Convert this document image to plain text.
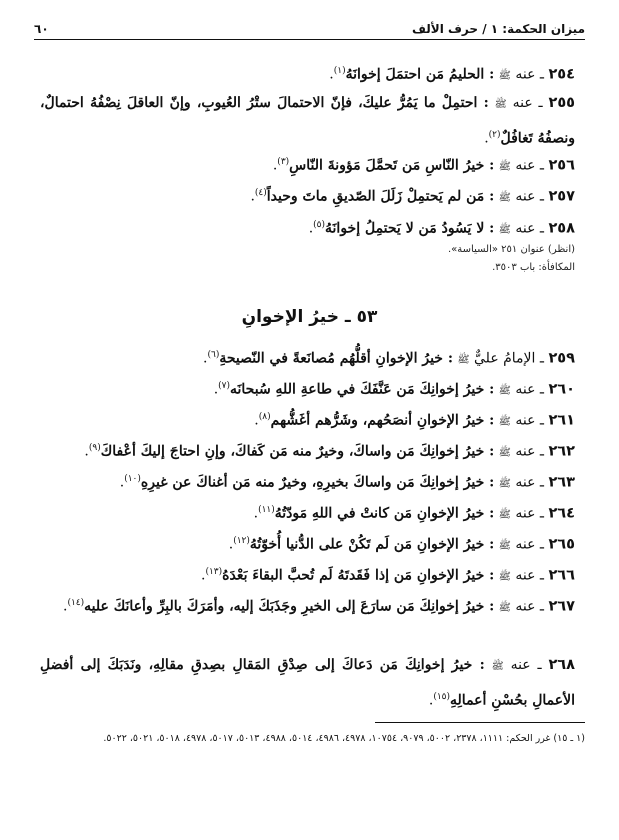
ميزان الحكمة: ١ / حرف الألف
٦٠
٢٥٤ ـ عنه ﷺ : الحليمُ مَن احتمَلَ إخوانَهُ$^{(١)}$.
٢٥٥ ـ عنه ﷺ : احتمِلْ ما يَمُرُّ عليكَ، فإنّ الاحتمالَ ستْرُ العُيوبِ، وإنّ العاقلَ نِصْفُهُ احتمالٌ، ونصفُهُ تَغافُلٌ$^{(٢)}$.
٢٥٦ ـ عنه ﷺ : خيرُ النّاسِ مَن تَحمَّلَ مَؤونةَ النّاسِ$^{(٣)}$.
٢٥٧ ـ عنه ﷺ : مَن لم يَحتمِلْ زَلَلَ الصّديقِ ماتَ وحيداً$^{(٤)}$.
٢٥٨ ـ عنه ﷺ : لا يَسُودُ مَن لا يَحتمِلُ إخوانَهُ$^{(٥)}$.
(انظر) عنوان ٢٥١ «السياسة».
المكافأة: باب ٣٥٠٣.
٥٣ ـ خيرُ الإخوانِ
٢٥٩ ـ الإمامُ عليٌّ ﷺ : خيرُ الإخوانِ أقلُّهُم مُصانَعةً في النّصيحةِ$^{(٦)}$.
٢٦٠ ـ عنه ﷺ : خيرُ إخوانِكَ مَن عَنَّفَكَ في طاعةِ اللهِ سُبحانَه$^{(٧)}$.
٢٦١ ـ عنه ﷺ : خيرُ الإخوانِ أنصَحُهم، وشَرُّهم أغَشُّهم$^{(٨)}$.
٢٦٢ ـ عنه ﷺ : خيرُ إخوانِكَ مَن واساكَ، وخيرٌ منه مَن كَفاكَ، وإنِ احتاجَ إليكَ أعْفاكَ$^{(٩)}$.
٢٦٣ ـ عنه ﷺ : خيرُ إخوانِكَ مَن واساكَ بخيرِهِ، وخيرٌ منه مَن أغناكَ عن غيرِهِ$^{(١٠)}$.
٢٦٤ ـ عنه ﷺ : خيرُ الإخوانِ مَن كانتْ في اللهِ مَودّتُهُ$^{(١١)}$.
٢٦٥ ـ عنه ﷺ : خيرُ الإخوانِ مَن لَم تَكُنْ على الدُّنيا أُخوّتُهُ$^{(١٢)}$.
٢٦٦ ـ عنه ﷺ : خيرُ الإخوانِ مَن إذا فَقَدتَهُ لَم تُحبَّ البقاءَ بَعْدَهُ$^{(١٣)}$.
٢٦٧ ـ عنه ﷺ : خيرُ إخوانِكَ مَن سارَعَ إلى الخيرِ وجَذَبَكَ إليه، وأمَرَكَ بالبِرِّ وأعانَكَ عليه$^{(١٤)}$.
٢٦٨ ـ عنه ﷺ : خيرُ إخوانِكَ مَن دَعاكَ إلى صِدْقِ المَقالِ بصِدقِ مقالِهِ، ونَدَبَكَ إلى أفضلِ الأعمالِ بحُسْنِ أعمالِهِ$^{(١٥)}$.
(١ ـ ١٥) غرر الحكم: ١١١١، ٢٣٧٨، ٥٠٠٢، ٩٠٧٩، ١٠٧٥٤، ٤٩٧٨، ٤٩٨٦، ٥٠١٤، ٤٩٨٨، ٥٠١٣، ٥٠١٧، ٤٩٧٨، ٥٠١٨، ٥٠٢١، ٥٠٢٢.
